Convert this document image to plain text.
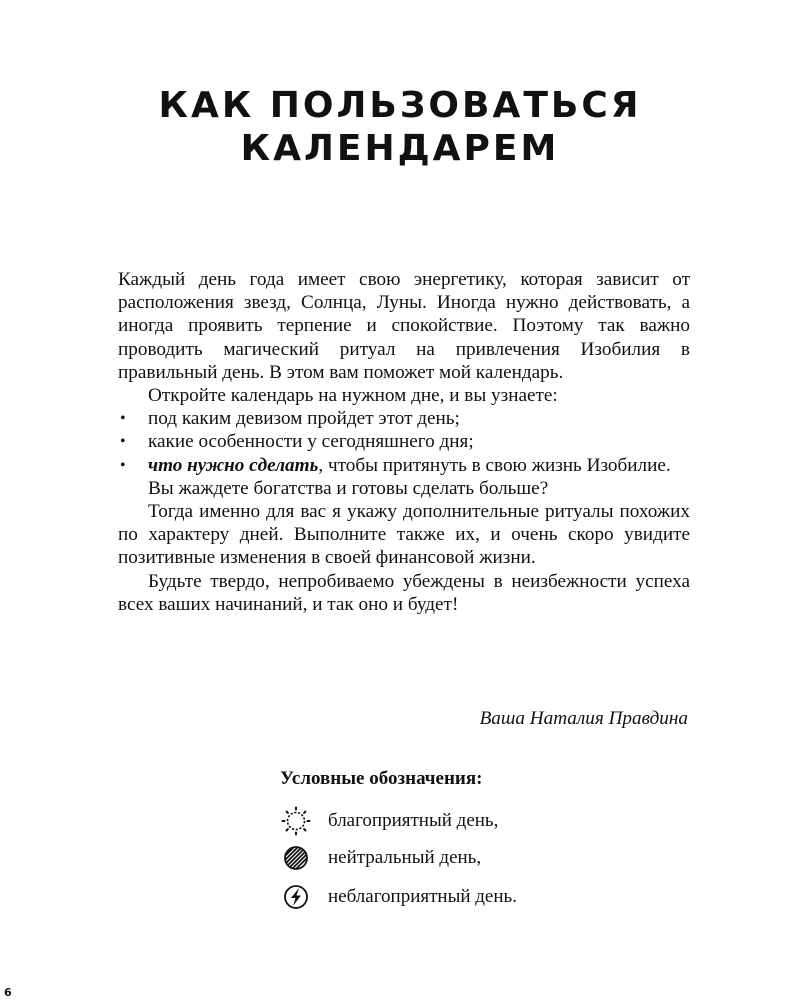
КАК ПОЛЬЗОВАТЬСЯ
КАЛЕНДАРЕМ

Каждый день года имеет свою энергетику, которая зависит от расположения звезд, Солнца, Луны. Иногда нужно действовать, а иногда проявить терпение и спокойствие. Поэтому так важно проводить магический ритуал на привлечения Изобилия в правильный день. В этом вам поможет мой календарь.

Откройте календарь на нужном дне, и вы узнаете:

• под каким девизом пройдет этот день;
• какие особенности у сегодняшнего дня;
• что нужно сделать, чтобы притянуть в свою жизнь Изобилие.

Вы жаждете богатства и готовы сделать больше?

Тогда именно для вас я укажу дополнительные ритуалы похожих по характеру дней. Выполните также их, и очень скоро увидите позитивные изменения в своей финансовой жизни.

Будьте твердо, непробиваемо убеждены в неизбежности успеха всех ваших начинаний, и так оно и будет!

Ваша Наталия Правдина
Условные обозначения:
благоприятный день,
нейтральный день,
неблагоприятный день.
6
